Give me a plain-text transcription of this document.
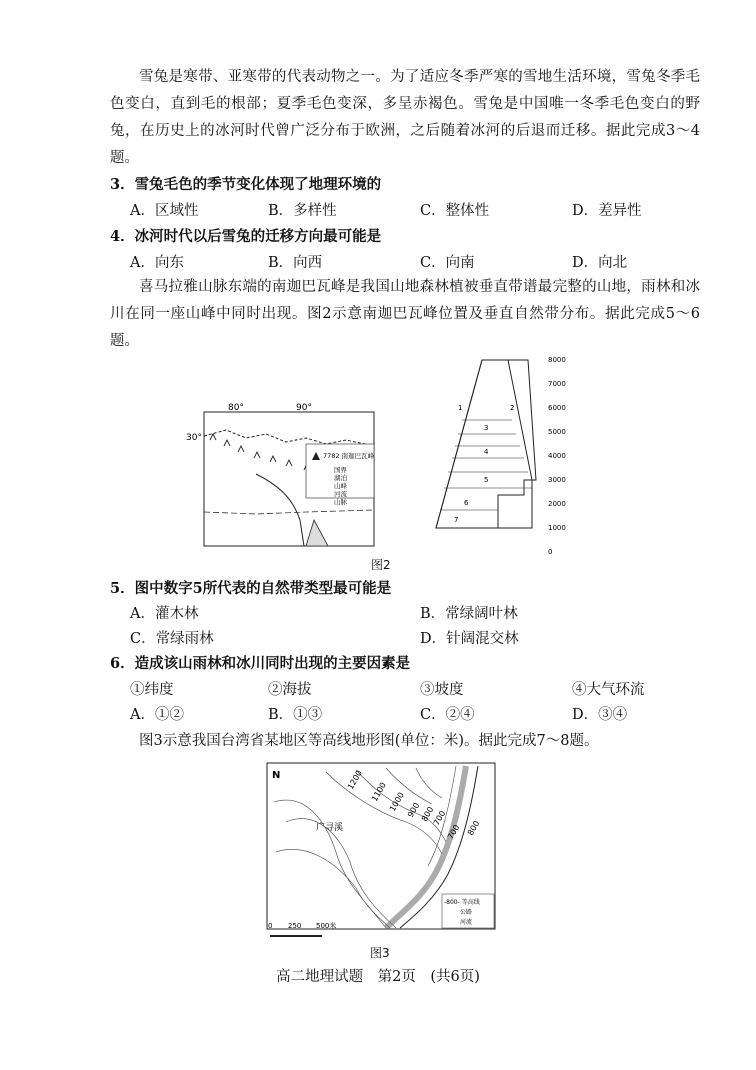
雪兔是寒带、亚寒带的代表动物之一。为了适应冬季严寒的雪地生活环境，雪兔冬季毛色变白，直到毛的根部；夏季毛色变深，多呈赤褐色。雪兔是中国唯一冬季毛色变白的野兔，在历史上的冰河时代曾广泛分布于欧洲，之后随着冰河的后退而迁移。据此完成3～4题。
3．雪兔毛色的季节变化体现了地理环境的
A．区域性	B．多样性	C．整体性	D．差异性
4．冰河时代以后雪兔的迁移方向最可能是
A．向东	B．向西	C．向南	D．向北
喜马拉雅山脉东端的南迦巴瓦峰是我国山地森林植被垂直带谱最完整的山地，雨林和冰川在同一座山峰中同时出现。图2示意南迦巴瓦峰位置及垂直自然带分布。据此完成5～6题。
80°	90°
30°
7782 南迦巴瓦峰
国界
湖泊
山峰
河流
山脉
1	2
3
4
5
6
7
8000
7000
6000
5000
4000
3000
2000
1000
0
图2
5．图中数字5所代表的自然带类型最可能是
A．灌木林	B．常绿阔叶林
C．常绿雨林	D．针阔混交林
6．造成该山雨林和冰川同时出现的主要因素是
①纬度	②海拔	③坡度	④大气环流
A．①②	B．①③	C．②④	D．③④
图3示意我国台湾省某地区等高线地形图(单位：米)。据此完成7～8题。
N	1200
1100 1000 900
800
700
700 800
广寻溪
-800- 等高线
公路
河流
0 250 500米
图3
高二地理试题　第2页　(共6页)
